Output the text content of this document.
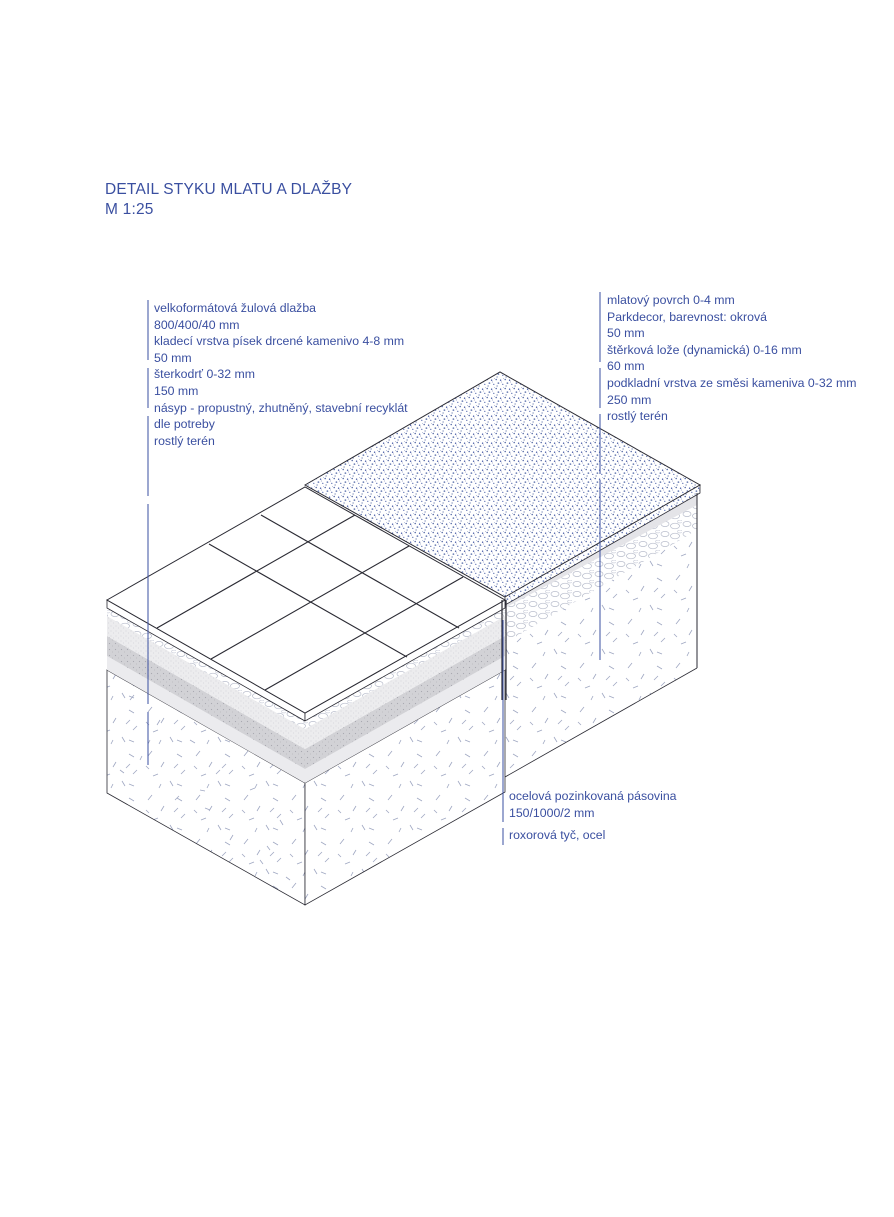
DETAIL STYKU MLATU A DLAŽBY
M 1:25
velkoformátová žulová dlažba
800/400/40 mm
kladecí vrstva písek drcené kamenivo 4-8 mm
50 mm
šterkodrť 0-32 mm
150 mm
násyp - propustný, zhutněný, stavební recyklát
dle potreby
rostlý terén
mlatový povrch 0-4 mm
Parkdecor, barevnost: okrová
50 mm
štěrková lože (dynamická) 0-16 mm
60 mm
podkladní vrstva ze směsi kameniva 0-32 mm
250 mm
rostlý terén
ocelová pozinkovaná pásovina
150/1000/2 mm
roxorová tyč, ocel
